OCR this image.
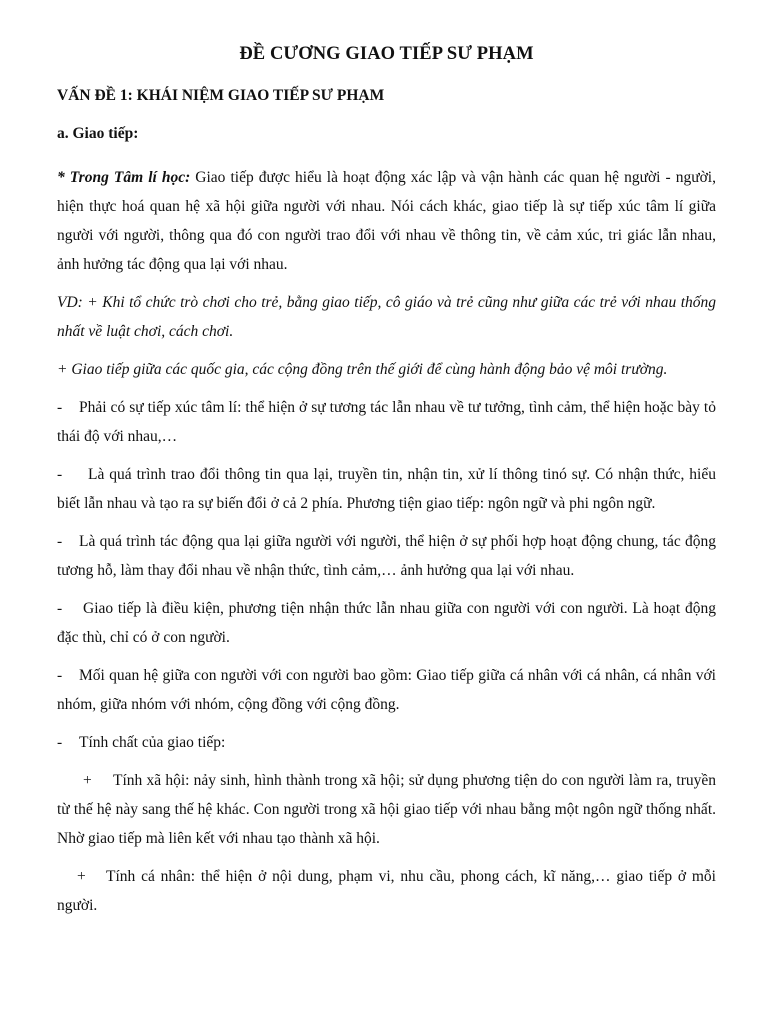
ĐỀ CƯƠNG GIAO TIẾP SƯ PHẠM
VẤN ĐỀ 1: KHÁI NIỆM GIAO TIẾP SƯ PHẠM
a. Giao tiếp:

* Trong Tâm lí học: Giao tiếp được hiểu là hoạt động xác lập và vận hành các quan hệ người - người, hiện thực hoá quan hệ xã hội giữa người với nhau. Nói cách khác, giao tiếp là sự tiếp xúc tâm lí giữa người với người, thông qua đó con người trao đổi với nhau về thông tin, về cảm xúc, tri giác lẫn nhau, ảnh hưởng tác động qua lại với nhau.

VD: + Khi tổ chức trò chơi cho trẻ, bằng giao tiếp, cô giáo và trẻ cũng như giữa các trẻ với nhau thống nhất về luật chơi, cách chơi.

+ Giao tiếp giữa các quốc gia, các cộng đồng trên thế giới để cùng hành động bảo vệ môi trường.

- Phải có sự tiếp xúc tâm lí: thể hiện ở sự tương tác lẫn nhau về tư tưởng, tình cảm, thể hiện hoặc bày tỏ thái độ với nhau,…

- Là quá trình trao đổi thông tin qua lại, truyền tin, nhận tin, xử lí thông tinó sự. Có nhận thức, hiểu biết lẫn nhau và tạo ra sự biến đổi ở cả 2 phía. Phương tiện giao tiếp: ngôn ngữ và phi ngôn ngữ.

- Là quá trình tác động qua lại giữa người với người, thể hiện ở sự phối hợp hoạt động chung, tác động tương hỗ, làm thay đổi nhau về nhận thức, tình cảm,… ảnh hưởng qua lại với nhau.

- Giao tiếp là điều kiện, phương tiện nhận thức lẫn nhau giữa con người với con người. Là hoạt động đặc thù, chỉ có ở con người.

- Mối quan hệ giữa con người với con người bao gồm: Giao tiếp giữa cá nhân với cá nhân, cá nhân với nhóm, giữa nhóm với nhóm, cộng đồng với cộng đồng.

- Tính chất của giao tiếp:

+ Tính xã hội: nảy sinh, hình thành trong xã hội; sử dụng phương tiện do con người làm ra, truyền từ thế hệ này sang thế hệ khác. Con người trong xã hội giao tiếp với nhau bằng một ngôn ngữ thống nhất. Nhờ giao tiếp mà liên kết với nhau tạo thành xã hội.

+ Tính cá nhân: thể hiện ở nội dung, phạm vi, nhu cầu, phong cách, kĩ năng,… giao tiếp ở mỗi người.
